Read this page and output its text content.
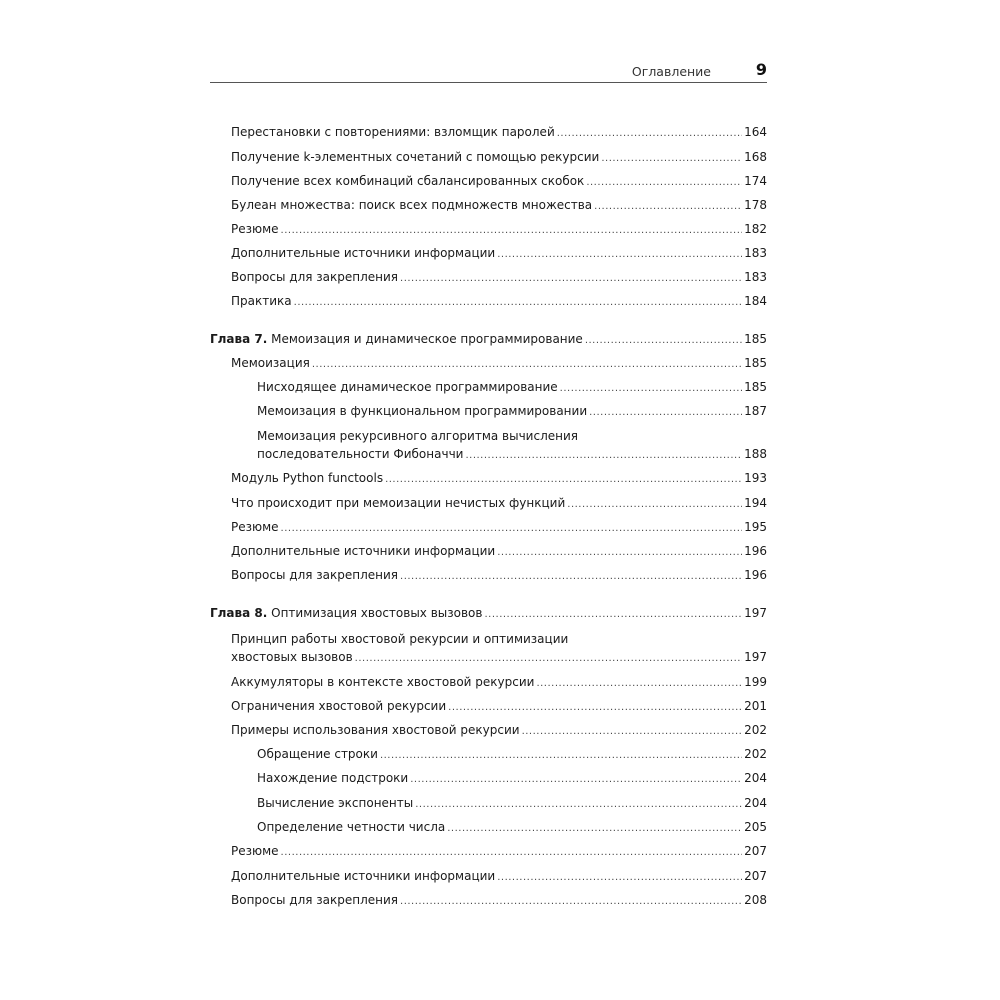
Оглавление	9
Перестановки с повторениями: взломщик паролей .....	164
Получение k-элементных сочетаний с помощью рекурсии .....	168
Получение всех комбинаций сбалансированных скобок .....	174
Булеан множества: поиск всех подмножеств множества .....	178
Резюме .....	182
Дополнительные источники информации .....	183
Вопросы для закрепления .....	183
Практика .....	184
Глава 7. Мемоизация и динамическое программирование .....	185
Мемоизация .....	185
Нисходящее динамическое программирование .....	185
Мемоизация в функциональном программировании .....	187
Мемоизация рекурсивного алгоритма вычисления
последовательности Фибоначчи .....	188
Модуль Python functools .....	193
Что происходит при мемоизации нечистых функций .....	194
Резюме .....	195
Дополнительные источники информации .....	196
Вопросы для закрепления .....	196
Глава 8. Оптимизация хвостовых вызовов .....	197
Принцип работы хвостовой рекурсии и оптимизации
хвостовых вызовов .....	197
Аккумуляторы в контексте хвостовой рекурсии .....	199
Ограничения хвостовой рекурсии .....	201
Примеры использования хвостовой рекурсии .....	202
Обращение строки .....	202
Нахождение подстроки .....	204
Вычисление экспоненты .....	204
Определение четности числа .....	205
Резюме .....	207
Дополнительные источники информации .....	207
Вопросы для закрепления .....	208
